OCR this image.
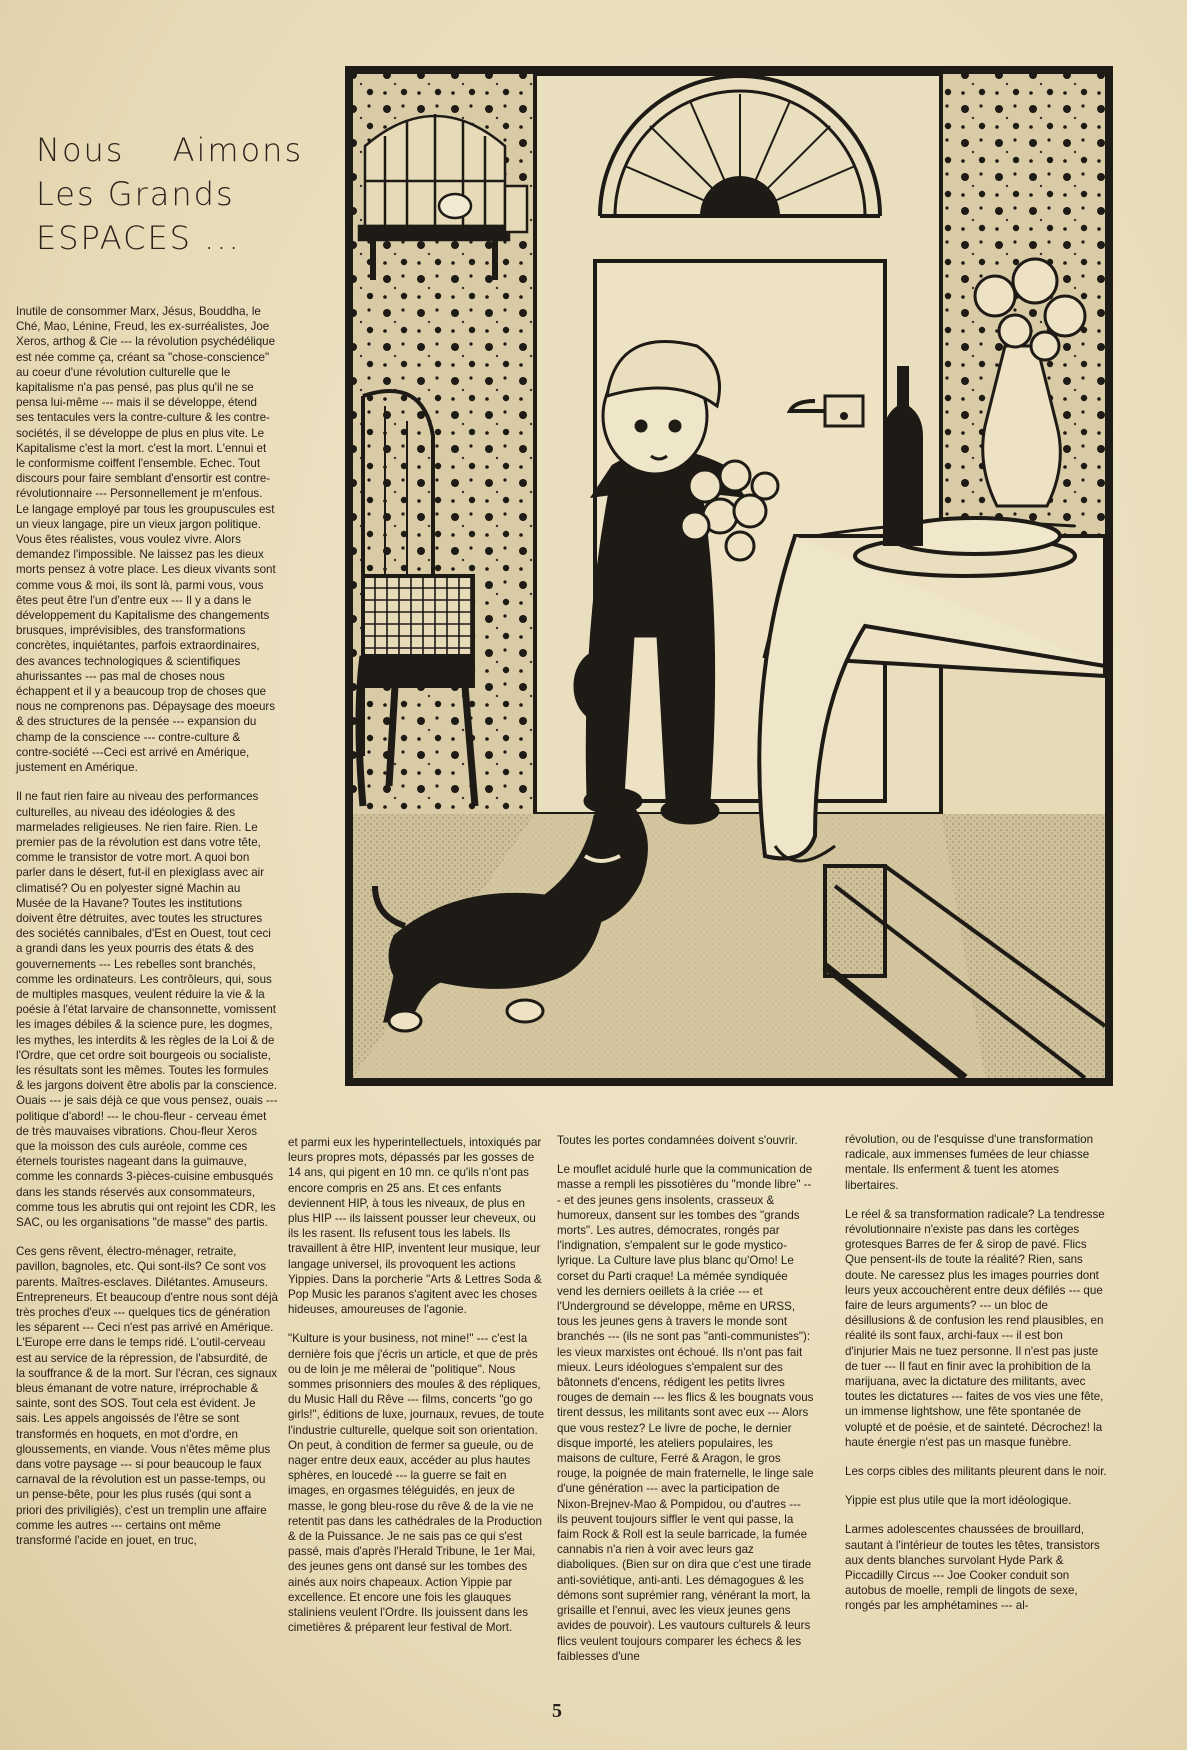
Nous Aimons
Les Grands
ESPACES ...

Inutile de consommer Marx, Jésus, Bouddha, le Ché, Mao, Lénine, Freud, les ex-surréalistes, Joe Xeros, arthog & Cie --- la révolution psychédélique est née comme ça, créant sa "chose-conscience" au coeur d'une révolution culturelle que le kapitalisme n'a pas pensé, pas plus qu'il ne se pensa lui-même --- mais il se développe, étend ses tentacules vers la contre-culture & les contre-sociétés, il se développe de plus en plus vite. Le Kapitalisme c'est la mort. c'est la mort. L'ennui et le conformisme coiffent l'ensemble. Echec. Tout discours pour faire semblant d'ensortir est contre-révolutionnaire --- Personnellement je m'enfous. Le langage employé par tous les groupuscules est un vieux langage, pire un vieux jargon politique. Vous êtes réalistes, vous voulez vivre. Alors demandez l'impossible. Ne laissez pas les dieux morts pensez à votre place. Les dieux vivants sont comme vous & moi, ils sont là, parmi vous, vous êtes peut être l'un d'entre eux --- Il y a dans le développement du Kapitalisme des changements brusques, imprévisibles, des transformations concrètes, inquiétantes, parfois extraordinaires, des avances technologiques & scientifiques ahurissantes --- pas mal de choses nous échappent et il y a beaucoup trop de choses que nous ne comprenons pas. Dépaysage des moeurs & des structures de la pensée --- expansion du champ de la conscience --- contre-culture & contre-société ---Ceci est arrivé en Amérique, justement en Amérique.

Il ne faut rien faire au niveau des performances culturelles, au niveau des idéologies & des marmelades religieuses. Ne rien faire. Rien. Le premier pas de la révolution est dans votre tête, comme le transistor de votre mort. A quoi bon parler dans le désert, fut-il en plexiglass avec air climatisé? Ou en polyester signé Machin au Musée de la Havane? Toutes les institutions doivent être détruites, avec toutes les structures des sociétés cannibales, d'Est en Ouest, tout ceci a grandi dans les yeux pourris des états & des gouvernements --- Les rebelles sont branchés, comme les ordinateurs. Les contrôleurs, qui, sous de multiples masques, veulent réduire la vie & la poésie à l'état larvaire de chansonnette, vomissent les images débiles & la science pure, les dogmes, les mythes, les interdits & les règles de la Loi & de l'Ordre, que cet ordre soit bourgeois ou socialiste, les résultats sont les mêmes. Toutes les formules & les jargons doivent être abolis par la conscience. Ouais --- je sais déjà ce que vous pensez, ouais --- politique d'abord! --- le chou-fleur - cerveau émet de très mauvaises vibrations. Chou-fleur Xeros que la moisson des culs auréole, comme ces éternels touristes nageant dans la guimauve, comme les connards 3-pièces-cuisine embusqués dans les stands réservés aux consommateurs, comme tous les abrutis qui ont rejoint les CDR, les SAC, ou les organisations "de masse" des partis.

Ces gens rêvent, électro-ménager, retraite, pavillon, bagnoles, etc. Qui sont-ils? Ce sont vos parents. Maîtres-esclaves. Dilétantes. Amuseurs. Entrepreneurs. Et beaucoup d'entre nous sont déjà très proches d'eux --- quelques tics de génération les séparent --- Ceci n'est pas arrivé en Amérique. L'Europe erre dans le temps ridé. L'outil-cerveau est au service de la répression, de l'absurdité, de la souffrance & de la mort. Sur l'écran, ces signaux bleus émanant de votre nature, irréprochable & sainte, sont des SOS. Tout cela est évident. Je sais. Les appels angoissés de l'être se sont transformés en hoquets, en mot d'ordre, en gloussements, en viande. Vous n'êtes même plus dans votre paysage --- si pour beaucoup le faux carnaval de la révolution est un passe-temps, ou un pense-bête, pour les plus rusés (qui sont a priori des priviligiés), c'est un tremplin une affaire comme les autres --- certains ont même transformé l'acide en jouet, en truc,

et parmi eux les hyperintellectuels, intoxiqués par leurs propres mots, dépassés par les gosses de 14 ans, qui pigent en 10 mn. ce qu'ils n'ont pas encore compris en 25 ans. Et ces enfants deviennent HIP, à tous les niveaux, de plus en plus HIP --- ils laissent pousser leur cheveux, ou ils les rasent. Ils refusent tous les labels. Ils travaillent à être HIP, inventent leur musique, leur langage universel, ils provoquent les actions Yippies. Dans la porcherie "Arts & Lettres Soda & Pop Music les paranos s'agitent avec les choses hideuses, amoureuses de l'agonie.

"Kulture is your business, not mine!" --- c'est la dernière fois que j'écris un article, et que de près ou de loin je me mêlerai de "politique". Nous sommes prisonniers des moules & des répliques, du Music Hall du Rêve --- films, concerts "go go girls!", éditions de luxe, journaux, revues, de toute l'industrie culturelle, quelque soit son orientation. On peut, à condition de fermer sa gueule, ou de nager entre deux eaux, accéder au plus hautes sphères, en loucedé --- la guerre se fait en images, en orgasmes téléguidés, en jeux de masse, le gong bleu-rose du rêve & de la vie ne retentit pas dans les cathédrales de la Production & de la Puissance. Je ne sais pas ce qui s'est passé, mais d'après l'Herald Tribune, le 1er Mai, des jeunes gens ont dansé sur les tombes des ainés aux noirs chapeaux. Action Yippie par excellence. Et encore une fois les glauques staliniens veulent l'Ordre. Ils jouissent dans les cimetières & préparent leur festival de Mort.

Toutes les portes condamnées doivent s'ouvrir.

Le mouflet acidulé hurle que la communication de masse a rempli les pissotières du "monde libre" --- et des jeunes gens insolents, crasseux & humoreux, dansent sur les tombes des "grands morts". Les autres, démocrates, rongés par l'indignation, s'empalent sur le gode mystico-lyrique. La Culture lave plus blanc qu'Omo! Le corset du Parti craque! La mémée syndiquée vend les derniers oeillets à la criée --- et l'Underground se développe, même en URSS, tous les jeunes gens à travers le monde sont branchés --- (ils ne sont pas "anti-communistes"): les vieux marxistes ont échoué. Ils n'ont pas fait mieux. Leurs idéologues s'empalent sur des bâtonnets d'encens, rédigent les petits livres rouges de demain --- les flics & les bougnats vous tirent dessus, les militants sont avec eux --- Alors que vous restez? Le livre de poche, le dernier disque importé, les ateliers populaires, les maisons de culture, Ferré & Aragon, le gros rouge, la poignée de main fraternelle, le linge sale d'une génération --- avec la participation de Nixon-Brejnev-Mao & Pompidou, ou d'autres --- ils peuvent toujours siffler le vent qui passe, la faim Rock & Roll est la seule barricade, la fumée cannabis n'a rien à voir avec leurs gaz diaboliques. (Bien sur on dira que c'est une tirade anti-soviétique, anti-anti. Les démagogues & les démons sont suprémier rang, vénérant la mort, la grisaille et l'ennui, avec les vieux jeunes gens avides de pouvoir). Les vautours culturels & leurs flics veulent toujours comparer les échecs & les faiblesses d'une

révolution, ou de l'esquisse d'une transformation radicale, aux immenses fumées de leur chiasse mentale. Ils enferment & tuent les atomes libertaires.

Le réel & sa transformation radicale? La tendresse révolutionnaire n'existe pas dans les cortèges grotesques Barres de fer & sirop de pavé. Flics Que pensent-ils de toute la réalité? Rien, sans doute. Ne caressez plus les images pourries dont leurs yeux accouchèrent entre deux défilés --- que faire de leurs arguments? --- un bloc de désillusions & de confusion les rend plausibles, en réalité ils sont faux, archi-faux --- il est bon d'injurier Mais ne tuez personne. Il n'est pas juste de tuer --- Il faut en finir avec la prohibition de la marijuana, avec la dictature des militants, avec toutes les dictatures --- faites de vos vies une fête, un immense lightshow, une fête spontanée de volupté et de poésie, et de sainteté. Décrochez! la haute énergie n'est pas un masque funèbre.

Les corps cibles des militants pleurent dans le noir.

Yippie est plus utile que la mort idéologique.

Larmes adolescentes chaussées de brouillard, sautant à l'intérieur de toutes les têtes, transistors aux dents blanches survolant Hyde Park & Piccadilly Circus --- Joe Cooker conduit son autobus de moelle, rempli de lingots de sexe, rongés par les amphétamines --- al-

5
